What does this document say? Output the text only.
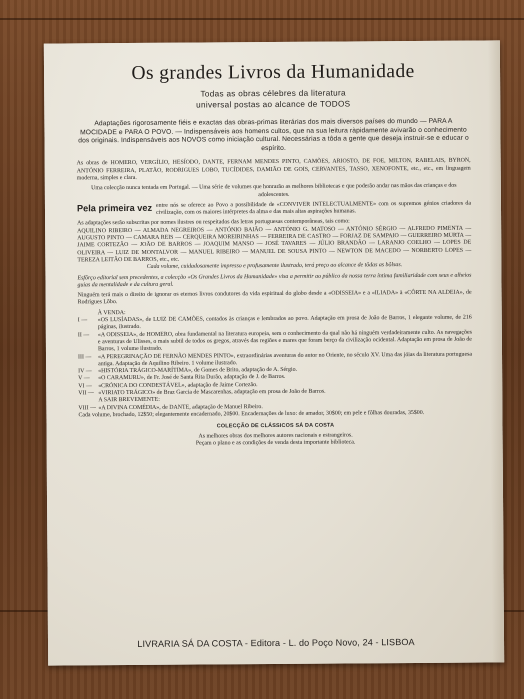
Os grandes Livros da Humanidade
Todas as obras célebres da literatura
universal postas ao alcance de TODOS
Adaptações rigorosamente fiéis e exactas das obras-primas literárias dos mais diversos países do mundo — PARA A MOCIDADE e PARA O POVO. — Indispensáveis aos homens cultos, que na sua leitura ràpidamente avivarão o conhecimento dos originais. Indispensáveis aos NOVOS como iniciação cultural. Necessárias a tôda a gente que deseja instruir-se e educar o espírito.
As obras de HOMERO, VERGÍLIO, HESÍODO, DANTE, FERNAM MENDES PINTO, CAMÕES, ARIOSTO, DE FOE, MILTON, RABELAIS, BYRON, ANTÓNIO FERREIRA, PLATÃO, RODRIGUES LOBO, TUCÍDIDES, DAMIÃO DE GOIS, CERVANTES, TASSO, XENOFONTE, etc., etc., em linguagem moderna, simples e clara.
Uma colecção nunca tentada em Portugal. — Uma série de volumes que honrarão as melhores bibliotecas e que poderão andar nas mãos das crianças e dos adolescentes.
Pela primeira vez entre nós se oferece ao Povo a possibilidade de «CONVIVER INTELECTUALMENTE» com os supremos génios criadores da civilização, com os maiores intérpretes da alma e das mais altas aspirações humanas.
As adaptações serão subscritas por nomes ilustres ou respeitados das letras portuguesas contemporâneas, tais como:
AQUILINO RIBEIRO — ALMADA NEGREIROS — ANTÓNIO BAIÃO — ANTÓNIO G. MATOSO — ANTÓNIO SÉRGIO — ALFREDO PIMENTA — AUGUSTO PINTO — CAMARA REIS — CERQUEIRA MOREIRINHAS — FERREIRA DE CASTRO — FORJAZ DE SAMPAIO — GUERREIRO MURTA — JAIME CORTEZÃO — JOÃO DE BARROS — JOAQUIM MANSO — JOSÉ TAVARES — JÚLIO BRANDÃO — LARANJO COELHO — LOPES DE OLIVEIRA — LUIZ DE MONTALVOR — MANUEL RIBEIRO — MANUEL DE SOUSA PINTO — NEWTON DE MACEDO — NORBERTO LOPES — TEREZA LEITÃO DE BARROS, etc., etc.
Cada volume, cuidadosamente impresso e profusamente ilustrado, terá preço ao alcance de tôdas as bôlsas.
Esfôrço editorial sem precedentes, a colecção «Os Grandes Livros da Humanidade» visa a permitir ao público da nossa terra íntima familiaridade com seus e alheios guias da mentalidade e da cultura geral.
Ninguém terá mais o direito de ignorar os eternos livros condutores da vida espiritual do globo desde a «ODISSEIA» e a «ILIADA» à «CÔRTE NA ALDEIA», de Rodrigues Lôbo.
À VENDA:
I —	«OS LUSÍADAS», de LUIZ DE CAMÕES, contados às crianças e lembrados ao povo. Adaptação em prosa de João de Barros, 1 elegante volume, de 216 páginas, ilustrado.
II —	«A ODISSEIA», de HOMERO, obra fundamental na literatura europeia, sem o conhecimento da qual não há ninguém verdadeiramente culto. As navegações e aventuras de Ulisses, o mais subtil de todos os gregos, através das regiões e mares que foram berço da civilização ocidental. Adaptação em prosa de João de Barros, 1 volume ilustrado.
III —	«A PEREGRINAÇÃO DE FERNÃO MENDES PINTO», extraordinárias aventuras do autor no Oriente, no século XV. Uma das jóias da literatura portuguesa antiga. Adaptação de Aquilino Ribeiro. 1 volume ilustrado.
IV —	«HISTÓRIA TRÁGICO-MARÍTIMA», de Gomes de Brito, adaptação de A. Sérgio.
V —	«O CARAMURU», de Fr. José de Santa Rita Durão, adaptação de J. de Barros.
VI —	«CRÓNICA DO CONDESTÁVEL», adaptação de Jaime Cortezão.
VII — «VIRIATO TRÁGICO» de Braz Garcia de Mascarenhas, adaptação em prosa de João de Barros.
A SAIR BREVEMENTE:
VIII — «A DIVINA COMÉDIA», de DANTE, adaptação de Manuel Ribeiro.
Cada volume, brochado, 12$50; elegantemente encadernado, 20$00. Encadernações de luxo: de amador, 30$00; em pele e fôlhas douradas, 35$00.
COLECÇÃO DE CLÁSSICOS SÁ DA COSTA
As melhores obras dos melhores autores nacionais e estrangeiros.
Peçam o plano e as condições de venda desta importante biblioteca.
LIVRARIA SÁ DA COSTA - Editora - L. do Poço Novo, 24 - LISBOA
